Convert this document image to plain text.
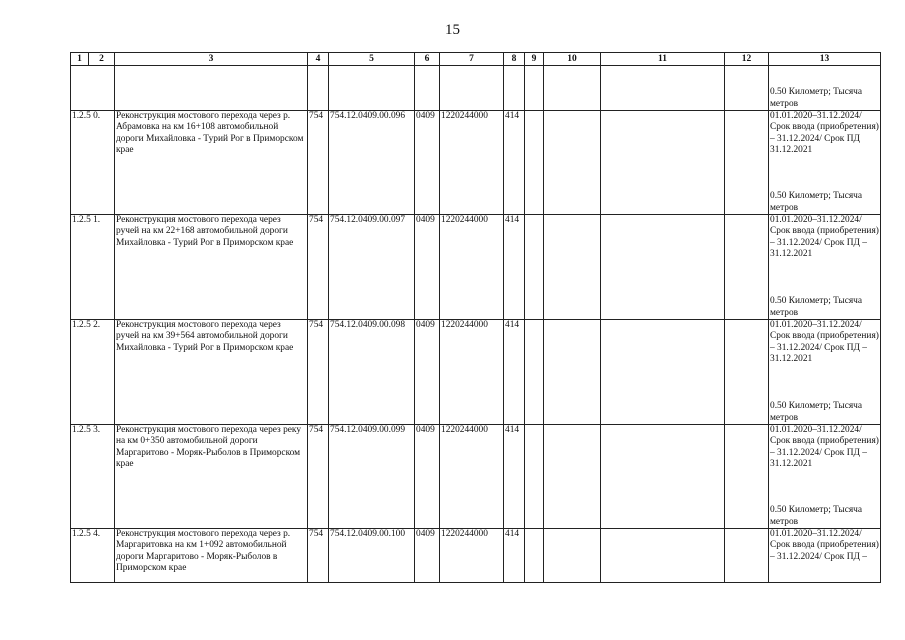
15
1	2	3	4	5	6	7	8	9	10	11	12	13

												0.50 Километр; Тысяча метров

1.2.5 0.		Реконструкция мостового перехода через р. Абрамовка на км 16+108 автомобильной дороги Михайловка - Турий Рог в Приморском крае	754	754.12.0409.00.096	0409	1220244000	414					01.01.2020–31.12.2024/ Срок ввода (приобретения) – 31.12.2024/ Срок ПД 31.12.2021
0.50 Километр; Тысяча метров

1.2.5 1.		Реконструкция мостового перехода через ручей на км 22+168 автомобильной дороги Михайловка - Турий Рог в Приморском крае	754	754.12.0409.00.097	0409	1220244000	414					01.01.2020–31.12.2024/ Срок ввода (приобретения) – 31.12.2024/ Срок ПД – 31.12.2021
0.50 Километр; Тысяча метров

1.2.5 2.		Реконструкция мостового перехода через ручей на км 39+564 автомобильной дороги Михайловка - Турий Рог в Приморском крае	754	754.12.0409.00.098	0409	1220244000	414					01.01.2020–31.12.2024/ Срок ввода (приобретения) – 31.12.2024/ Срок ПД – 31.12.2021
0.50 Километр; Тысяча метров

1.2.5 3.		Реконструкция мостового перехода через реку на км 0+350 автомобильной дороги Маргаритово - Моряк-Рыболов в Приморском крае	754	754.12.0409.00.099	0409	1220244000	414					01.01.2020–31.12.2024/ Срок ввода (приобретения) – 31.12.2024/ Срок ПД – 31.12.2021
0.50 Километр; Тысяча метров

1.2.5 4.		Реконструкция мостового перехода через р. Маргаритовка на км 1+092 автомобильной дороги Маргаритово - Моряк-Рыболов в Приморском крае	754	754.12.0409.00.100	0409	1220244000	414					01.01.2020–31.12.2024/ Срок ввода (приобретения) – 31.12.2024/ Срок ПД –
